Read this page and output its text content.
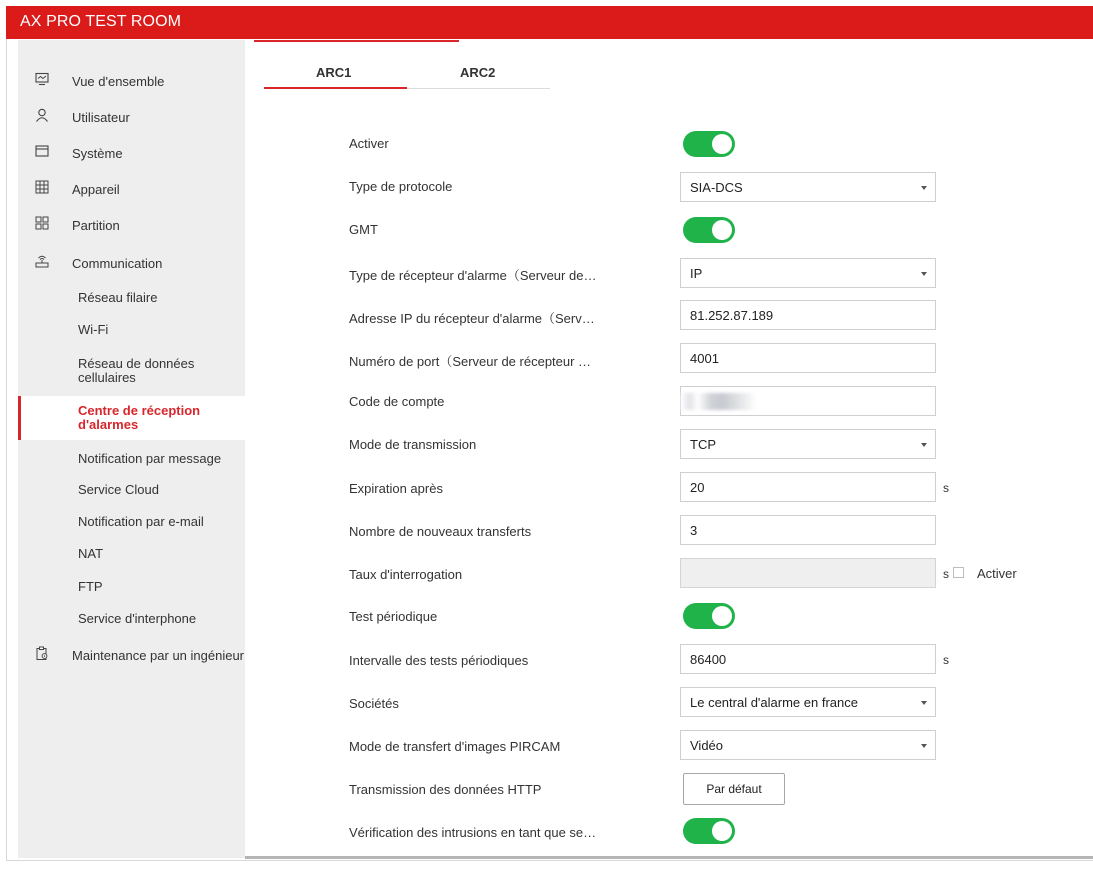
AX PRO TEST ROOM
Vue d'ensemble
Utilisateur
Système
Appareil
Partition
Communication
Réseau filaire
Wi-Fi
Réseau de données
cellulaires
Centre de réception
d'alarmes
Notification par message
Service Cloud
Notification par e-mail
NAT
FTP
Service d'interphone
Maintenance par un ingénieur
ARC1	ARC2
Activer
Type de protocole	SIA-DCS
GMT
Type de récepteur d'alarme（Serveur de…	IP
Adresse IP du récepteur d'alarme（Serv…	81.252.87.189
Numéro de port（Serveur de récepteur …	4001
Code de compte
Mode de transmission	TCP
Expiration après	20	s
Nombre de nouveaux transferts	3
Taux d'interrogation	s Activer
Test périodique
Intervalle des tests périodiques	86400	s
Sociétés	Le central d'alarme en france
Mode de transfert d'images PIRCAM	Vidéo
Transmission des données HTTP	Par défaut
Vérification des intrusions en tant que se…
